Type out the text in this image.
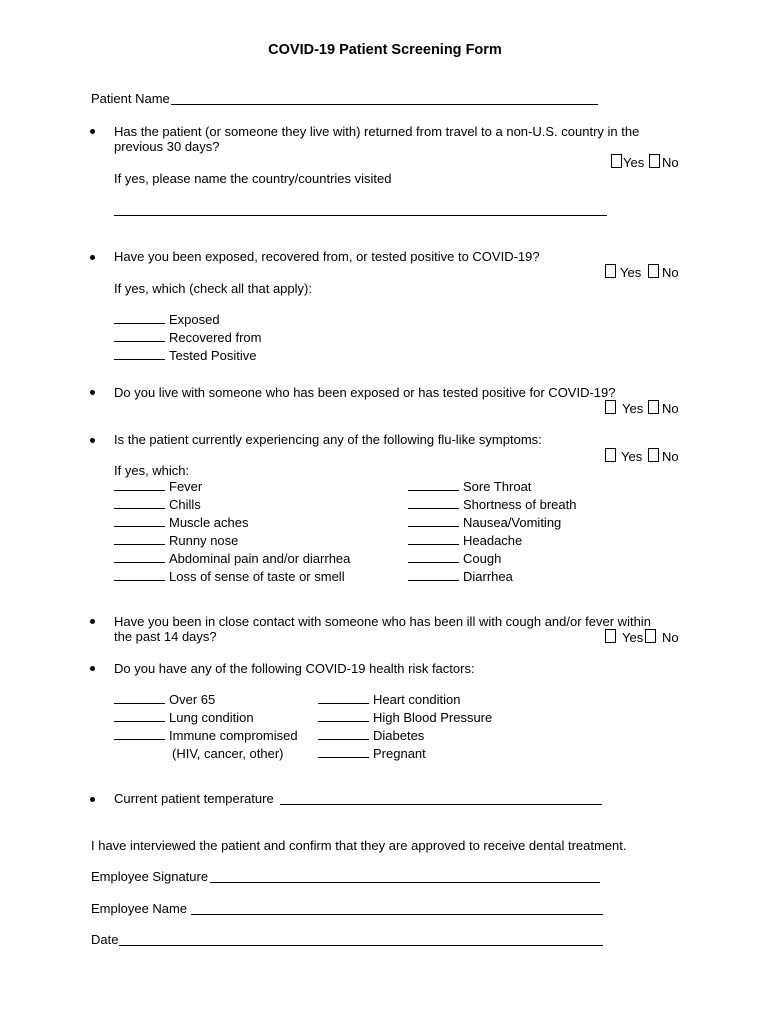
COVID-19 Patient Screening Form
Patient Name
Has the patient (or someone they live with) returned from travel to a non-U.S. country in the
previous 30 days?
Yes No
If yes, please name the country/countries visited
Have you been exposed, recovered from, or tested positive to COVID-19?
Yes No
If yes, which (check all that apply):
Exposed
Recovered from
Tested Positive
Do you live with someone who has been exposed or has tested positive for COVID-19?
Yes No
Is the patient currently experiencing any of the following flu-like symptoms:
Yes No
If yes, which:
Fever
Chills
Muscle aches
Runny nose
Abdominal pain and/or diarrhea
Loss of sense of taste or smell
Sore Throat
Shortness of breath
Nausea/Vomiting
Headache
Cough
Diarrhea
Have you been in close contact with someone who has been ill with cough and/or fever within
the past 14 days?	Yes No
Do you have any of the following COVID-19 health risk factors:
Over 65
Lung condition
Immune compromised
(HIV, cancer, other)
Heart condition
High Blood Pressure
Diabetes
Pregnant
Current patient temperature
I have interviewed the patient and confirm that they are approved to receive dental treatment.
Employee Signature
Employee Name
Date
